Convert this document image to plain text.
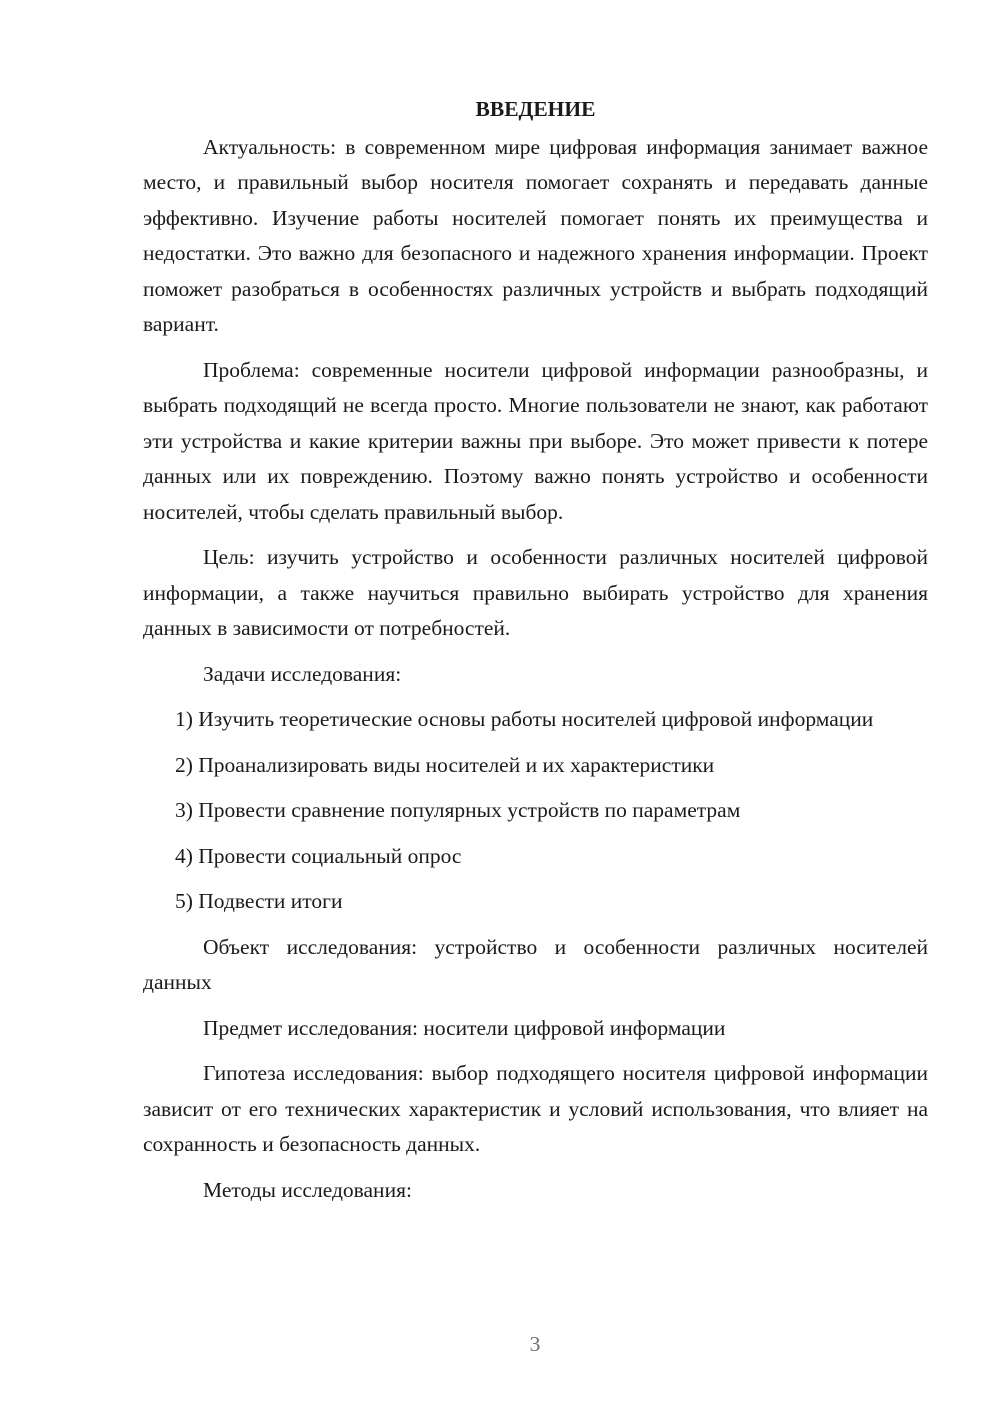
ВВЕДЕНИЕ

Актуальность: в современном мире цифровая информация занимает важное место, и правильный выбор носителя помогает сохранять и передавать данные эффективно. Изучение работы носителей помогает понять их преимущества и недостатки. Это важно для безопасного и надежного хранения информации. Проект поможет разобраться в особенностях различных устройств и выбрать подходящий вариант.

Проблема: современные носители цифровой информации разнообразны, и выбрать подходящий не всегда просто. Многие пользователи не знают, как работают эти устройства и какие критерии важны при выборе. Это может привести к потере данных или их повреждению. Поэтому важно понять устройство и особенности носителей, чтобы сделать правильный выбор.

Цель: изучить устройство и особенности различных носителей цифровой информации, а также научиться правильно выбирать устройство для хранения данных в зависимости от потребностей.

Задачи исследования:

1) Изучить теоретические основы работы носителей цифровой информации

2) Проанализировать виды носителей и их характеристики

3) Провести сравнение популярных устройств по параметрам

4) Провести социальный опрос

5) Подвести итоги

Объект исследования: устройство и особенности различных носителей данных

Предмет исследования: носители цифровой информации

Гипотеза исследования: выбор подходящего носителя цифровой информации зависит от его технических характеристик и условий использования, что влияет на сохранность и безопасность данных.

Методы исследования:

3
